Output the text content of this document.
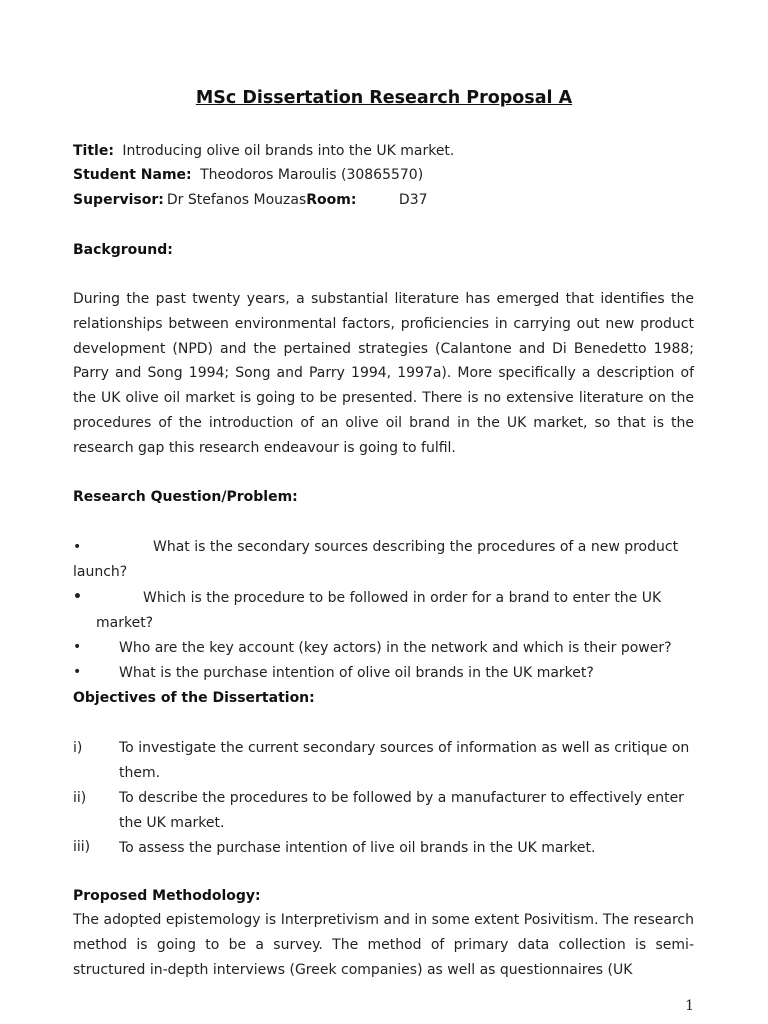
MSc Dissertation Research Proposal A
Title: Introducing olive oil brands into the UK market.
Student Name: Theodoros Maroulis (30865570)
Supervisor: Dr Stefanos MouzasRoom:	D37
Background:
During the past twenty years, a substantial literature has emerged that identifies the relationships between environmental factors, proficiencies in carrying out new product development (NPD) and the pertained strategies (Calantone and Di Benedetto 1988; Parry and Song 1994; Song and Parry 1994, 1997a). More specifically a description of the UK olive oil market is going to be presented. There is no extensive literature on the procedures of the introduction of an olive oil brand in the UK market, so that is the research gap this research endeavour is going to fulfil.
Research Question/Problem:
•	What is the secondary sources describing the procedures of a new product
launch?
•	Which is the procedure to be followed in order for a brand to enter the UK
market?
•	Who are the key account (key actors) in the network and which is their power?
•	What is the purchase intention of olive oil brands in the UK market?
Objectives of the Dissertation:
i)	To investigate the current secondary sources of information as well as critique on
them.
ii) To describe the procedures to be followed by a manufacturer to effectively enter
the UK market.
iii) To assess the purchase intention of live oil brands in the UK market.
Proposed Methodology:
The adopted epistemology is Interpretivism and in some extent Posivitism. The research method is going to be a survey. The method of primary data collection is semi-structured in-depth interviews (Greek companies) as well as questionnaires (UK
1
